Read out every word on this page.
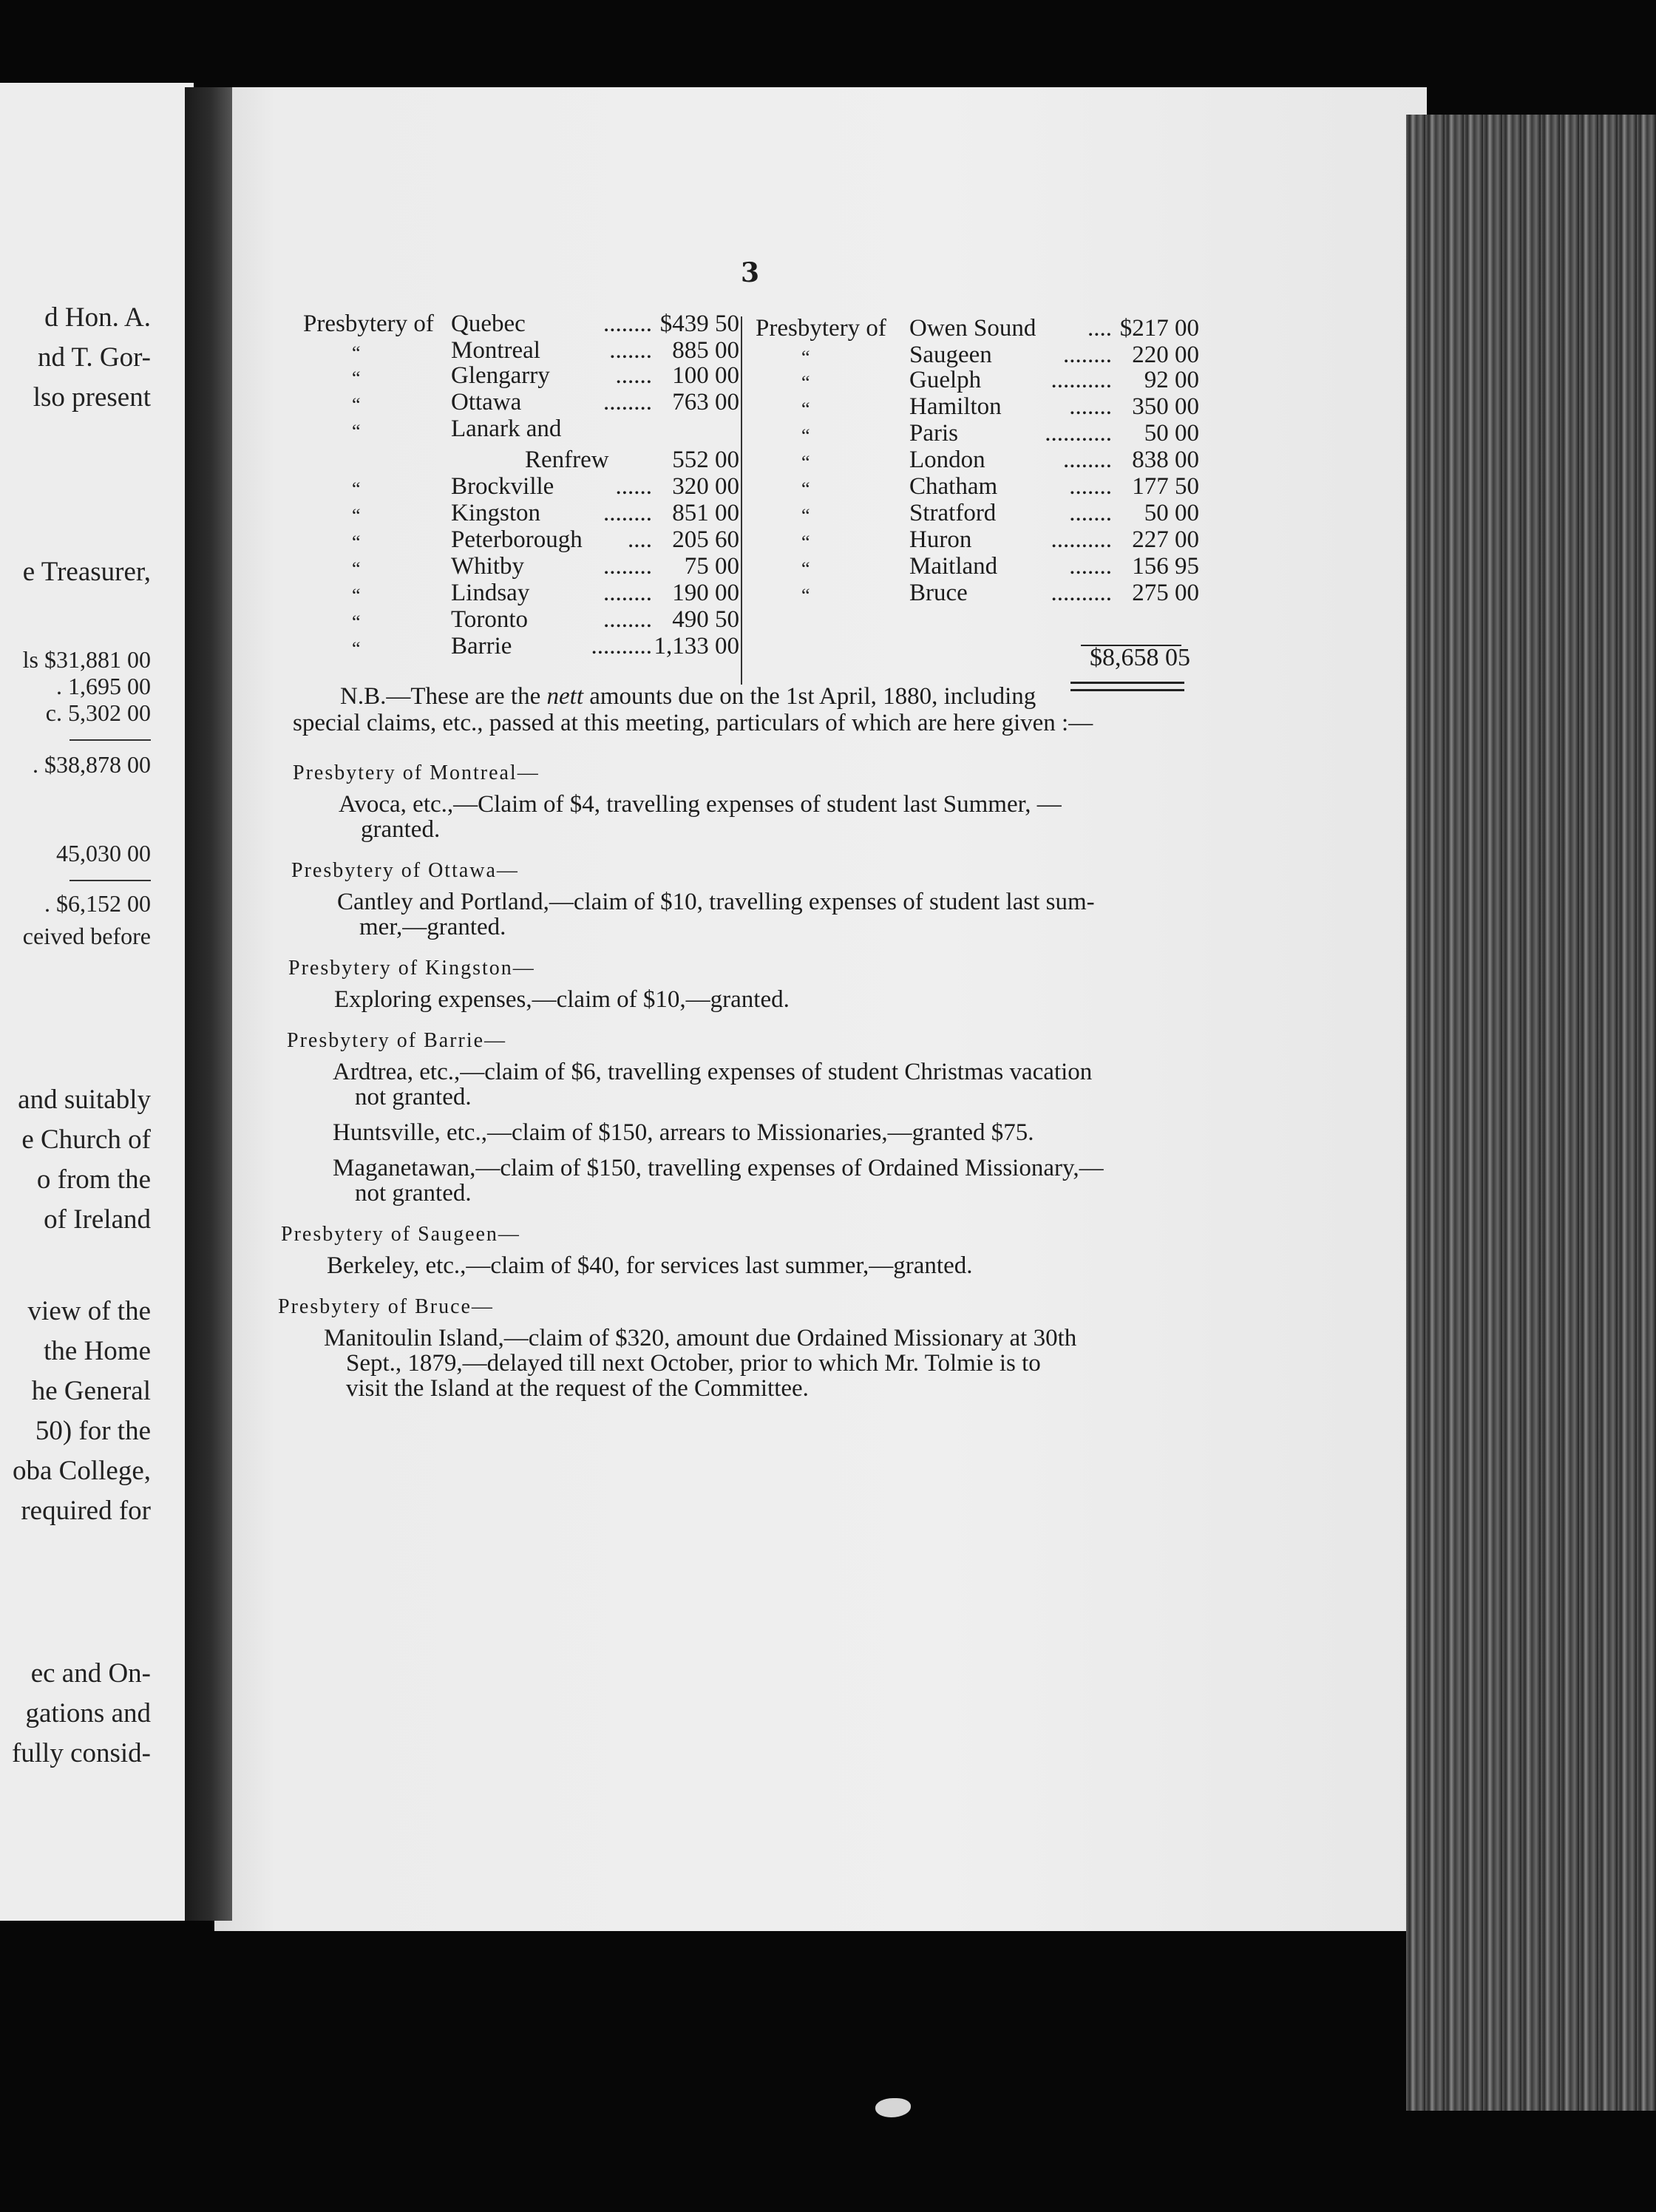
d Hon. A.
nd T. Gor-
lso present
e Treasurer,
ls $31,881 00
. 1,695 00
c. 5,302 00
. $38,878 00
45,030 00
. $6,152 00
ceived before
and suitably
e Church of
o from the
of Ireland
view of the
the Home
he General
50) for the
oba College,
required for
ec and On-
gations and
fully consid-
3
Presbytery of Quebec	........ $439 50
“	Montreal	....... 885 00
“	Glengarry	...... 100 00
“	Ottawa	........ 763 00
“	Lanark and
Renfrew	552 00
“	Brockville	...... 320 00
“	Kingston	........ 851 00
“	Peterborough .... 205 60
“	Whitby	........ 75 00
“	Lindsay	........ 190 00
“	Toronto	........ 490 50
“	Barrie	.......... 1,133 00
Presbytery of Owen Sound .... $217 00
“	Saugeen	........ 220 00
“	Guelph	.......... 92 00
“	Hamilton	....... 350 00
“	Paris	........... 50 00
“	London	........ 838 00
“	Chatham	....... 177 50
“	Stratford	....... 50 00
“	Huron	.......... 227 00
“	Maitland	....... 156 95
“	Bruce	.......... 275 00
$8,658 05
N.B.—These are the nett amounts due on the 1st April, 1880, including
special claims, etc., passed at this meeting, particulars of which are here given :—
Presbytery of Montreal—
Avoca, etc.,—Claim of $4, travelling expenses of student last Summer, —
granted.
Presbytery of Ottawa—
Cantley and Portland,—claim of $10, travelling expenses of student last sum-
mer,—granted.
Presbytery of Kingston—
Exploring expenses,—claim of $10,—granted.
Presbytery of Barrie—
Ardtrea, etc.,—claim of $6, travelling expenses of student Christmas vacation
not granted.
Huntsville, etc.,—claim of $150, arrears to Missionaries,—granted $75.
Maganetawan,—claim of $150, travelling expenses of Ordained Missionary,—
not granted.
Presbytery of Saugeen—
Berkeley, etc.,—claim of $40, for services last summer,—granted.
Presbytery of Bruce—
Manitoulin Island,—claim of $320, amount due Ordained Missionary at 30th
Sept., 1879,—delayed till next October, prior to which Mr. Tolmie is to
visit the Island at the request of the Committee.
